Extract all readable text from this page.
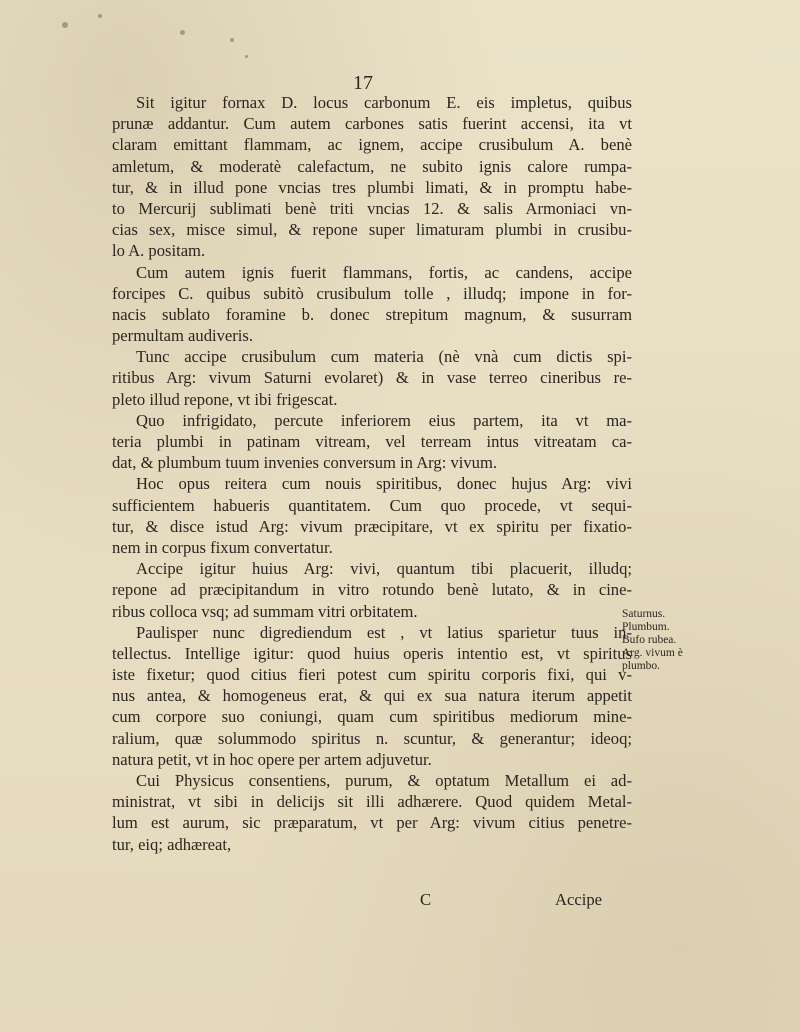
17
Sit igitur fornax D. locus carbonum E. eis impletus, quibus
prunæ addantur. Cum autem carbones satis fuerint accensi, ita vt
claram emittant flammam, ac ignem, accipe crusibulum A. benè
amletum, & moderatè calefactum, ne subito ignis calore rumpa-
tur, & in illud pone vncias tres plumbi limati, & in promptu habe-
to Mercurij sublimati benè triti vncias 12. & salis Armoniaci vn-
cias sex, misce simul, & repone super limaturam plumbi in crusibu-
lo A. positam.
Cum autem ignis fuerit flammans, fortis, ac candens, accipe
forcipes C. quibus subitò crusibulum tolle , illudq; impone in for-
nacis sublato foramine b. donec strepitum magnum, & susurram
permultam audiveris.
Tunc accipe crusibulum cum materia (nè vnà cum dictis spi-
ritibus Arg: vivum Saturni evolaret) & in vase terreo cineribus re-
pleto illud repone, vt ibi frigescat.
Quo infrigidato, percute inferiorem eius partem, ita vt ma-
teria plumbi in patinam vitream, vel terream intus vitreatam ca-
dat, & plumbum tuum invenies conversum in Arg: vivum.
Hoc opus reitera cum nouis spiritibus, donec hujus Arg: vivi
sufficientem habueris quantitatem. Cum quo procede, vt sequi-
tur, & disce istud Arg: vivum præcipitare, vt ex spiritu per fixatio-
nem in corpus fixum convertatur.
Accipe igitur huius Arg: vivi, quantum tibi placuerit, illudq;
repone ad præcipitandum in vitro rotundo benè lutato, & in cine-
ribus colloca vsq; ad summam vitri orbitatem.
Paulisper nunc digrediendum est , vt latius sparietur tuus in-
tellectus. Intellige igitur: quod huius operis intentio est, vt spiritus
iste fixetur; quod citius fieri potest cum spiritu corporis fixi, qui v-
nus antea, & homogeneus erat, & qui ex sua natura iterum appetit
cum corpore suo coniungi, quam cum spiritibus mediorum mine-
ralium, quæ solummodo spiritus n. scuntur, & generantur; ideoq;
natura petit, vt in hoc opere per artem adjuvetur.
Cui Physicus consentiens, purum, & optatum Metallum ei ad-
ministrat, vt sibi in delicijs sit illi adhærere. Quod quidem Metal-
lum est aurum, sic præparatum, vt per Arg: vivum citius penetre-
tur, eiq; adhæreat,
Saturnus.
Plumbum.
Bufo rubea.
Arg. vivum è
plumbo.
C	Accipe
